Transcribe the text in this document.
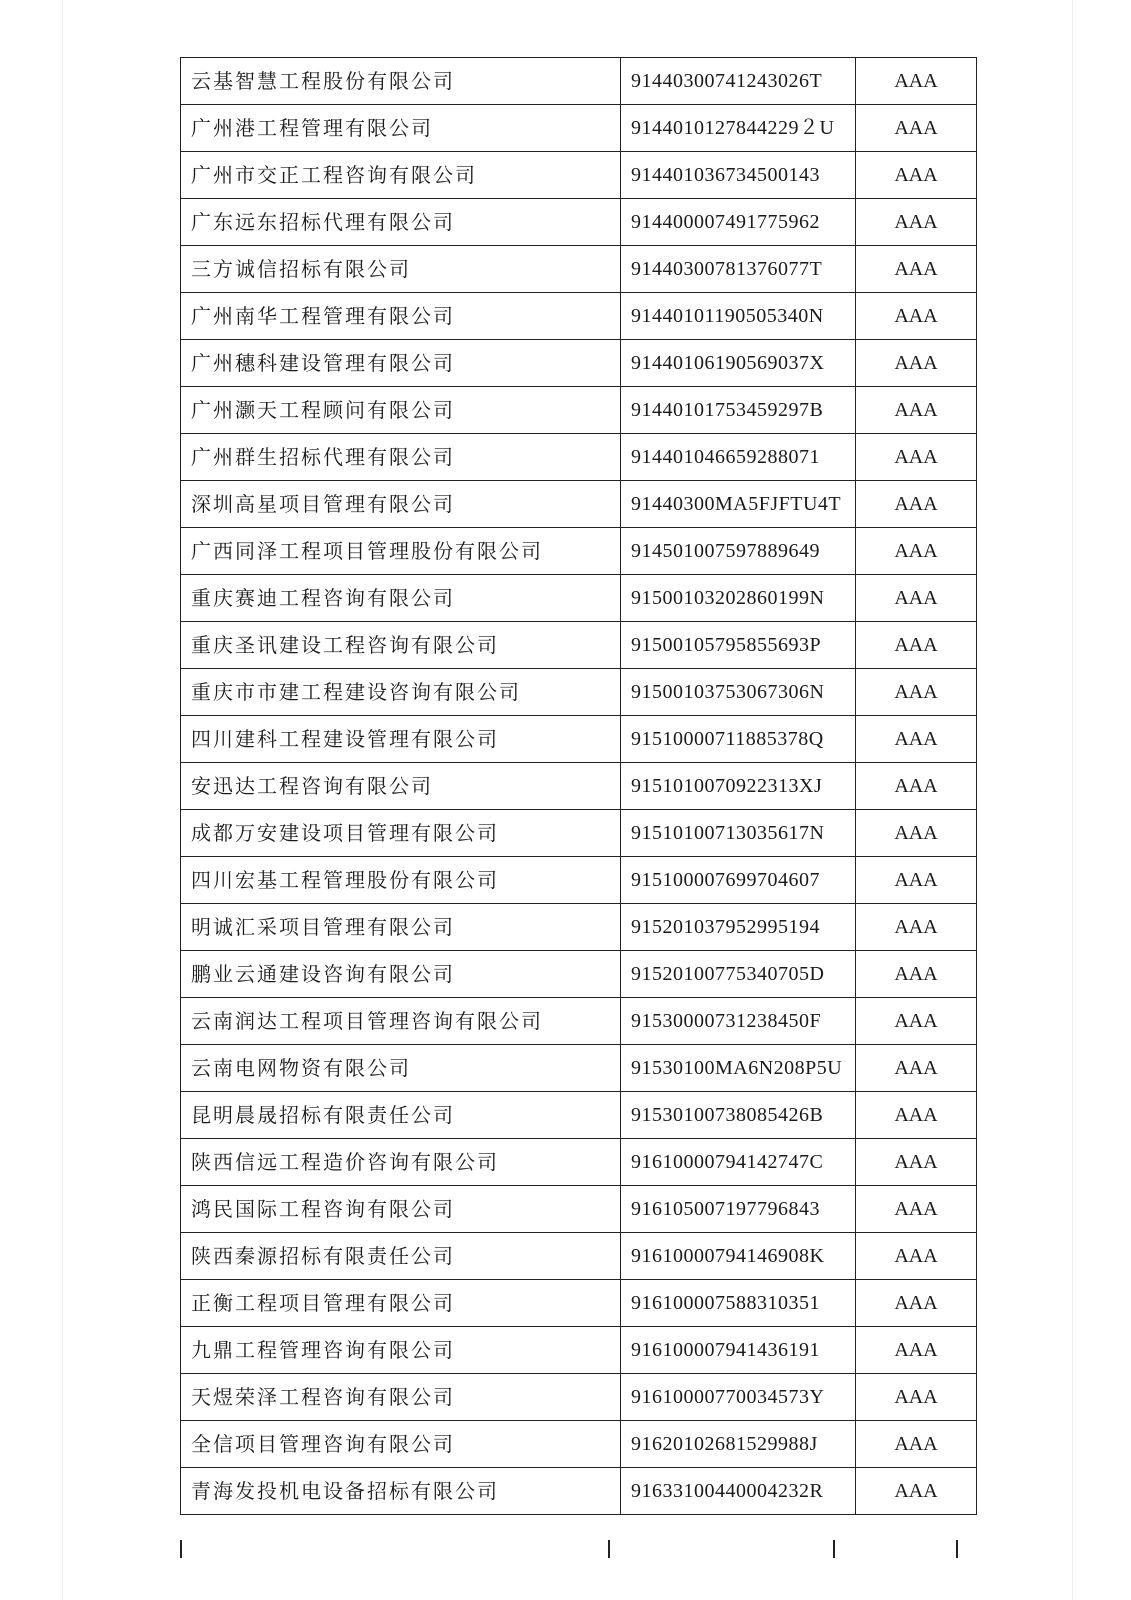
云基智慧工程股份有限公司	91440300741243026T	AAA
广州港工程管理有限公司	9144010127844229２U	AAA
广州市交正工程咨询有限公司	914401036734500143	AAA
广东远东招标代理有限公司	914400007491775962	AAA
三方诚信招标有限公司	91440300781376077T	AAA
广州南华工程管理有限公司	91440101190505340N	AAA
广州穗科建设管理有限公司	91440106190569037X	AAA
广州灏天工程顾问有限公司	91440101753459297B	AAA
广州群生招标代理有限公司	914401046659288071	AAA
深圳高星项目管理有限公司	91440300MA5FJFTU4T	AAA
广西同泽工程项目管理股份有限公司	914501007597889649	AAA
重庆赛迪工程咨询有限公司	91500103202860199N	AAA
重庆圣讯建设工程咨询有限公司	91500105795855693P	AAA
重庆市市建工程建设咨询有限公司	91500103753067306N	AAA
四川建科工程建设管理有限公司	91510000711885378Q	AAA
安迅达工程咨询有限公司	9151010070922313XJ	AAA
成都万安建设项目管理有限公司	91510100713035617N	AAA
四川宏基工程管理股份有限公司	915100007699704607	AAA
明诚汇采项目管理有限公司	915201037952995194	AAA
鹏业云通建设咨询有限公司	91520100775340705D	AAA
云南润达工程项目管理咨询有限公司	91530000731238450F	AAA
云南电网物资有限公司	91530100MA6N208P5U	AAA
昆明晨晟招标有限责任公司	91530100738085426B	AAA
陕西信远工程造价咨询有限公司	91610000794142747C	AAA
鸿民国际工程咨询有限公司	916105007197796843	AAA
陕西秦源招标有限责任公司	91610000794146908K	AAA
正衡工程项目管理有限公司	916100007588310351	AAA
九鼎工程管理咨询有限公司	916100007941436191	AAA
天煜荣泽工程咨询有限公司	91610000770034573Y	AAA
全信项目管理咨询有限公司	91620102681529988J	AAA
青海发投机电设备招标有限公司	91633100440004232R	AAA
